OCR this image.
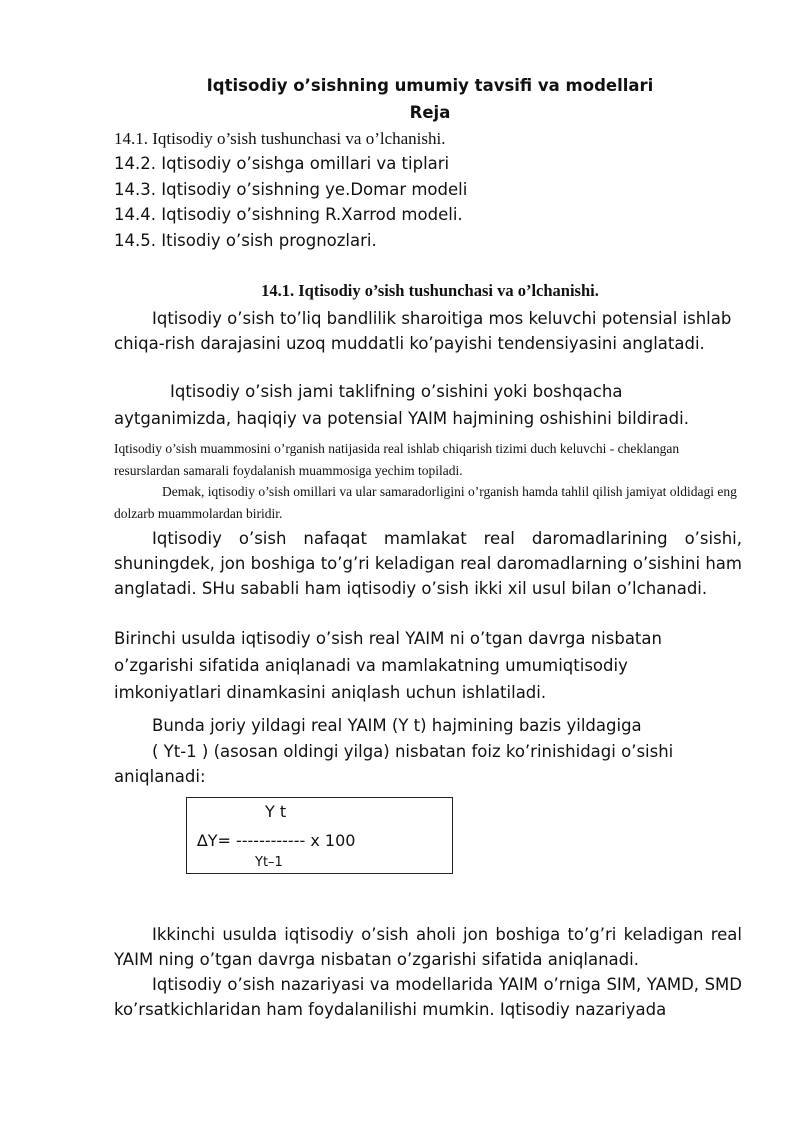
Iqtisodiy o’sishning umumiy tavsifi va modellari
Reja
14.1. Iqtisodiy o’sish tushunchasi va o’lchanishi.
14.2. Iqtisodiy o’sishga omillari va tiplari
14.3. Iqtisodiy o’sishning ye.Domar modeli
14.4. Iqtisodiy o’sishning R.Xarrod modeli.
14.5. Itisodiy o’sish prognozlari.
14.1. Iqtisodiy o’sish tushunchasi va o’lchanishi.
Iqtisodiy o’sish to’liq bandlilik sharoitiga mos keluvchi potensial ishlab chiqa-rish darajasini uzoq muddatli ko’payishi tendensiyasini anglatadi.
Iqtisodiy o’sish jami taklifning o’sishini yoki boshqacha
aytganimizda, haqiqiy va potensial YAIM hajmining oshishini bildiradi.
Iqtisodiy o’sish muammosini o’rganish natijasida real ishlab chiqarish tizimi duch keluvchi - cheklangan resurslardan samarali foydalanish muammosiga yechim topiladi.
Demak, iqtisodiy o’sish omillari va ular samaradorligini o’rganish hamda tahlil qilish jamiyat oldidagi eng dolzarb muammolardan biridir.
Iqtisodiy o’sish nafaqat mamlakat real daromadlarining o’sishi, shuningdek, jon boshiga to’g’ri keladigan real daromadlarning o’sishini ham anglatadi. SHu sababli ham iqtisodiy o’sish ikki xil usul bilan o’lchanadi.
Birinchi usulda iqtisodiy o’sish real YAIM ni o’tgan davrga nisbatan
o’zgarishi sifatida aniqlanadi va mamlakatning umumiqtisodiy
imkoniyatlari dinamkasini aniqlash uchun ishlatiladi.
Bunda joriy yildagi real YAIM (Y t) hajmining bazis yildagiga
( Yt-1 ) (asosan oldingi yilga) nisbatan foiz ko’rinishidagi o’sishi
aniqlanadi:
Y t
∆Y= ------------ x 100
Yt–1
Ikkinchi usulda iqtisodiy o’sish aholi jon boshiga to’g’ri keladigan real YAIM ning o’tgan davrga nisbatan o’zgarishi sifatida aniqlanadi.
Iqtisodiy o’sish nazariyasi va modellarida YAIM o’rniga SIM, YAMD, SMD ko’rsatkichlaridan ham foydalanilishi mumkin. Iqtisodiy nazariyada
